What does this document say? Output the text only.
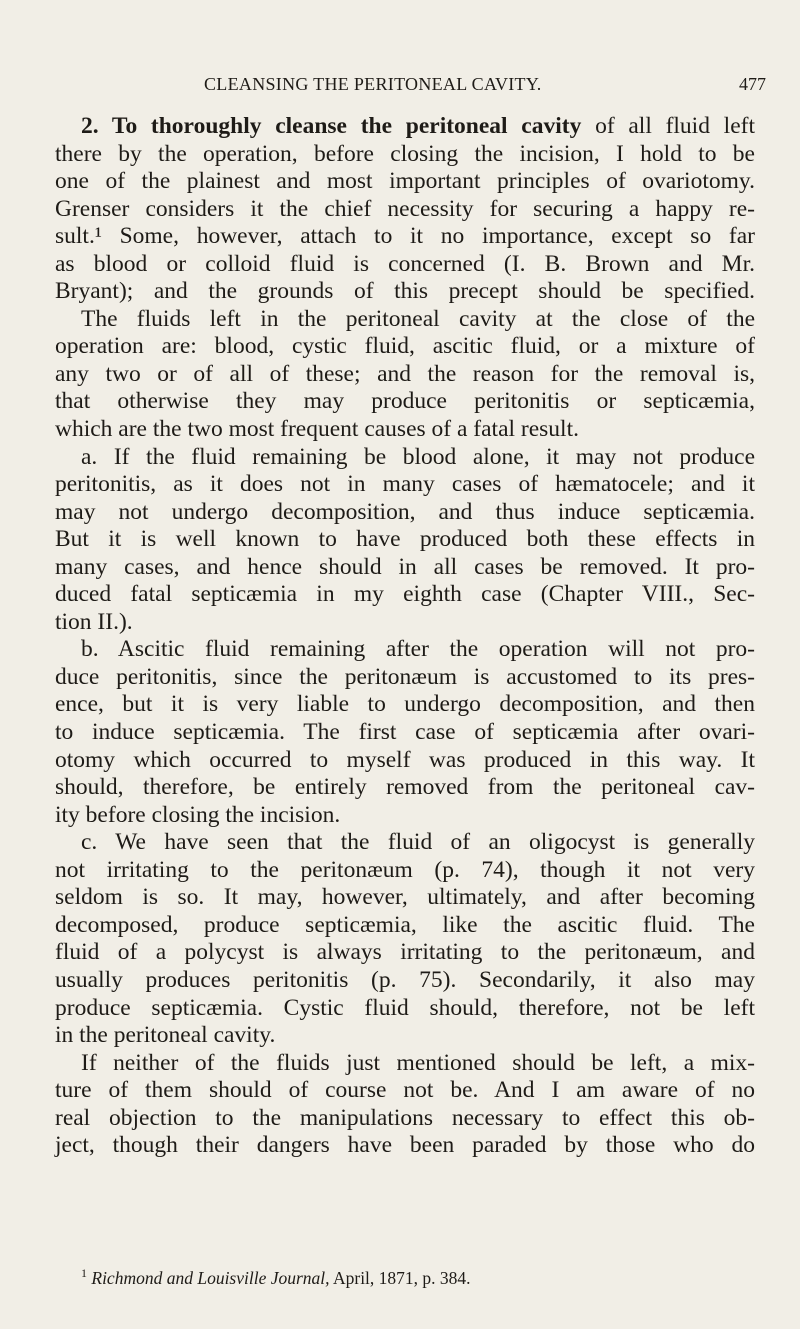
CLEANSING THE PERITONEAL CAVITY.	477
2. To thoroughly cleanse the peritoneal cavity of all fluid left
there by the operation, before closing the incision, I hold to be
one of the plainest and most important principles of ovariotomy.
Grenser considers it the chief necessity for securing a happy re-
sult.¹ Some, however, attach to it no importance, except so far
as blood or colloid fluid is concerned (I. B. Brown and Mr.
Bryant); and the grounds of this precept should be specified.
The fluids left in the peritoneal cavity at the close of the
operation are: blood, cystic fluid, ascitic fluid, or a mixture of
any two or of all of these; and the reason for the removal is,
that otherwise they may produce peritonitis or septicæmia,
which are the two most frequent causes of a fatal result.
a. If the fluid remaining be blood alone, it may not produce
peritonitis, as it does not in many cases of hæmatocele; and it
may not undergo decomposition, and thus induce septicæmia.
But it is well known to have produced both these effects in
many cases, and hence should in all cases be removed. It pro-
duced fatal septicæmia in my eighth case (Chapter VIII., Sec-
tion II.).
b. Ascitic fluid remaining after the operation will not pro-
duce peritonitis, since the peritonæum is accustomed to its pres-
ence, but it is very liable to undergo decomposition, and then
to induce septicæmia. The first case of septicæmia after ovari-
otomy which occurred to myself was produced in this way. It
should, therefore, be entirely removed from the peritoneal cav-
ity before closing the incision.
c. We have seen that the fluid of an oligocyst is generally
not irritating to the peritonæum (p. 74), though it not very
seldom is so. It may, however, ultimately, and after becoming
decomposed, produce septicæmia, like the ascitic fluid. The
fluid of a polycyst is always irritating to the peritonæum, and
usually produces peritonitis (p. 75). Secondarily, it also may
produce septicæmia. Cystic fluid should, therefore, not be left
in the peritoneal cavity.
If neither of the fluids just mentioned should be left, a mix-
ture of them should of course not be. And I am aware of no
real objection to the manipulations necessary to effect this ob-
ject, though their dangers have been paraded by those who do
$^1$ Richmond and Louisville Journal, April, 1871, p. 384.
